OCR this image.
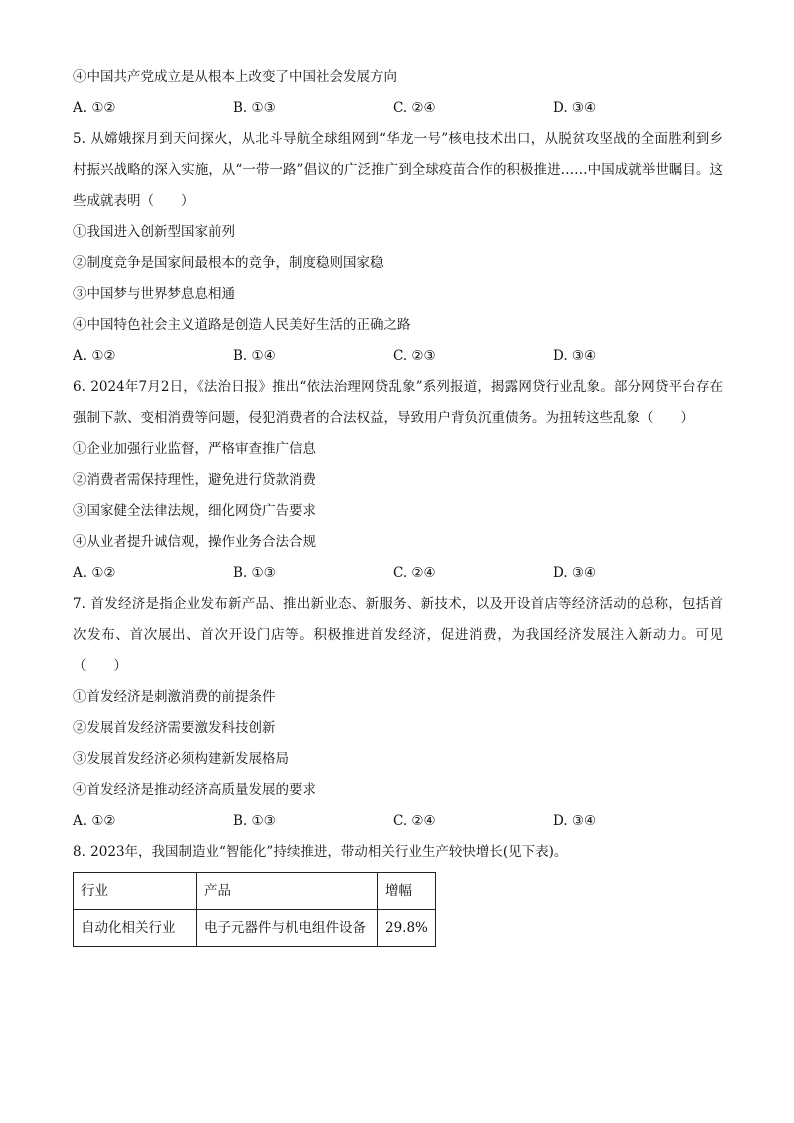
④中国共产党成立是从根本上改变了中国社会发展方向
A. ①②	B. ①③	C. ②④	D. ③④
5. 从嫦娥探月到天问探火，从北斗导航全球组网到“华龙一号”核电技术出口，从脱贫攻坚战的全面胜利到乡村振兴战略的深入实施，从“一带一路”倡议的广泛推广到全球疫苗合作的积极推进……中国成就举世瞩目。这些成就表明（　　）
①我国进入创新型国家前列
②制度竞争是国家间最根本的竞争，制度稳则国家稳
③中国梦与世界梦息息相通
④中国特色社会主义道路是创造人民美好生活的正确之路
A. ①②	B. ①④	C. ②③	D. ③④
6. 2024年7月2日，《法治日报》推出“依法治理网贷乱象”系列报道，揭露网贷行业乱象。部分网贷平台存在强制下款、变相消费等问题，侵犯消费者的合法权益，导致用户背负沉重债务。为扭转这些乱象（　　）
①企业加强行业监督，严格审查推广信息
②消费者需保持理性，避免进行贷款消费
③国家健全法律法规，细化网贷广告要求
④从业者提升诚信观，操作业务合法合规
A. ①②	B. ①③	C. ②④	D. ③④
7. 首发经济是指企业发布新产品、推出新业态、新服务、新技术，以及开设首店等经济活动的总称，包括首次发布、首次展出、首次开设门店等。积极推进首发经济，促进消费，为我国经济发展注入新动力。可见（　　）
①首发经济是刺激消费的前提条件
②发展首发经济需要激发科技创新
③发展首发经济必须构建新发展格局
④首发经济是推动经济高质量发展的要求
A. ①②	B. ①③	C. ②④	D. ③④
8. 2023年，我国制造业“智能化”持续推进，带动相关行业生产较快增长(见下表)。
行业	产品	增幅
自动化相关行业	电子元器件与机电组件设备	29.8%
